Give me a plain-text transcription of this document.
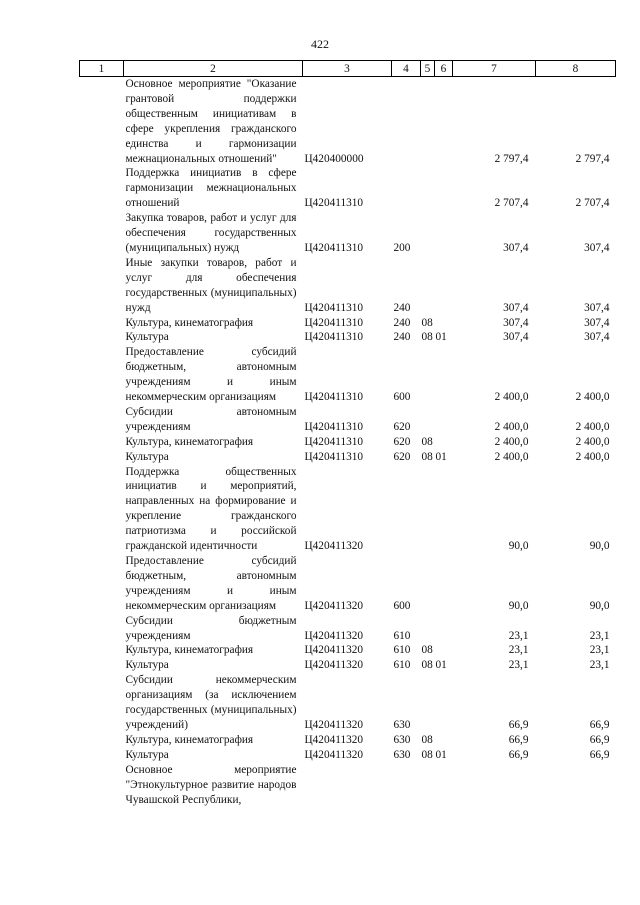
422
1	2	3	4	5	6	7	8
	Основное мероприятие "Оказание грантовой поддержки общественным инициативам в сфере укрепления гражданского единства и гармонизации межнациональных отношений"	Ц420400000				2 797,4	2 797,4
	Поддержка инициатив в сфере гармонизации межнациональных отношений	Ц420411310				2 707,4	2 707,4
	Закупка товаров, работ и услуг для обеспечения государственных (муниципальных) нужд	Ц420411310	200			307,4	307,4
	Иные закупки товаров, работ и услуг для обеспечения государственных (муниципальных) нужд	Ц420411310	240			307,4	307,4
	Культура, кинематография	Ц420411310	240	08		307,4	307,4
	Культура	Ц420411310	240	08	01	307,4	307,4
	Предоставление субсидий бюджетным, автономным учреждениям и иным некоммерческим организациям	Ц420411310	600			2 400,0	2 400,0
	Субсидии автономным учреждениям	Ц420411310	620			2 400,0	2 400,0
	Культура, кинематография	Ц420411310	620	08		2 400,0	2 400,0
	Культура	Ц420411310	620	08	01	2 400,0	2 400,0
	Поддержка общественных инициатив и мероприятий, направленных на формирование и укрепление гражданского патриотизма и российской гражданской идентичности	Ц420411320				90,0	90,0
	Предоставление субсидий бюджетным, автономным учреждениям и иным некоммерческим организациям	Ц420411320	600			90,0	90,0
	Субсидии бюджетным учреждениям	Ц420411320	610			23,1	23,1
	Культура, кинематография	Ц420411320	610	08		23,1	23,1
	Культура	Ц420411320	610	08	01	23,1	23,1
	Субсидии некоммерческим организациям (за исключением государственных (муниципальных) учреждений)	Ц420411320	630			66,9	66,9
	Культура, кинематография	Ц420411320	630	08		66,9	66,9
	Культура	Ц420411320	630	08	01	66,9	66,9
	Основное мероприятие "Этнокультурное развитие народов Чувашской Республики,						
